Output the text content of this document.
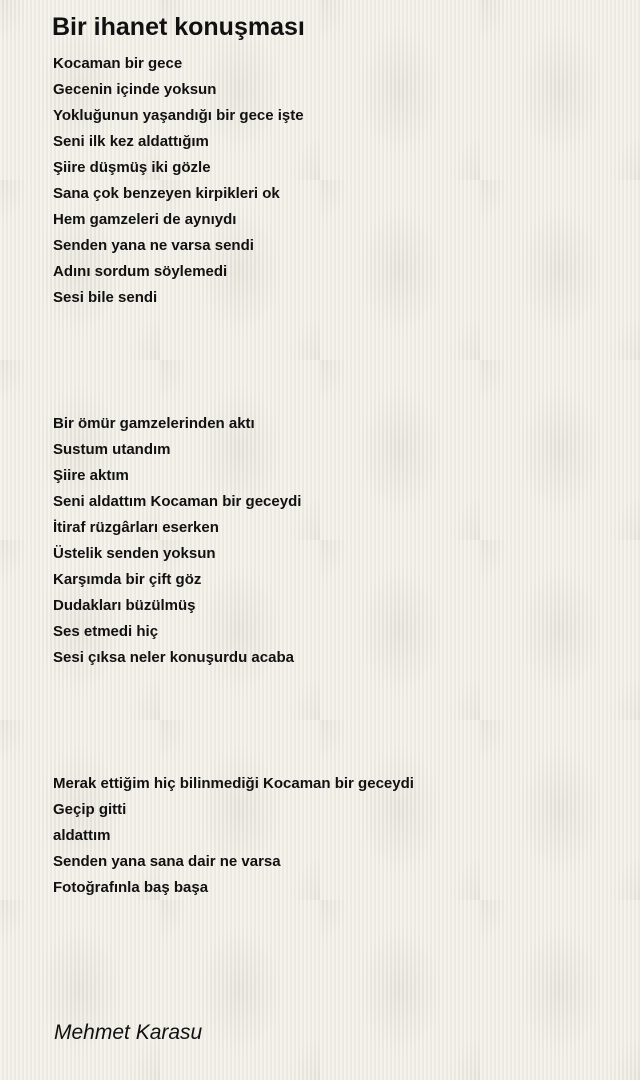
Bir ihanet konuşması
Kocaman bir gece
Gecenin içinde yoksun
Yokluğunun yaşandığı bir gece işte
Seni ilk kez aldattığım
Şiire düşmüş iki gözle
Sana çok benzeyen kirpikleri ok
Hem gamzeleri de aynıydı
Senden yana ne varsa sendi
Adını sordum söylemedi
Sesi bile sendi
Bir ömür gamzelerinden aktı
Sustum utandım
Şiire aktım
Seni aldattım Kocaman bir geceydi
İtiraf rüzgârları eserken
Üstelik senden yoksun
Karşımda bir çift göz
Dudakları büzülmüş
Ses etmedi hiç
Sesi çıksa neler konuşurdu acaba
Merak ettiğim hiç bilinmediği Kocaman bir geceydi
Geçip gitti
aldattım
Senden yana sana dair ne varsa
Fotoğrafınla baş başa

Mehmet Karasu
